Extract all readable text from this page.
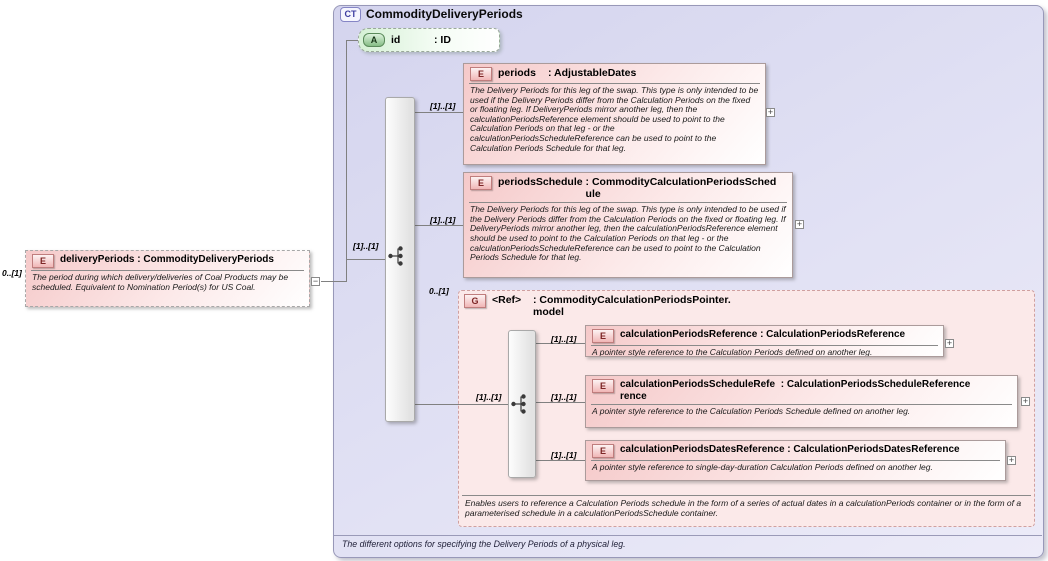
CT CommodityDeliveryPeriods
The different options for specifying the Delivery Periods of a physical leg.
G	<Ref>	: CommodityCalculationPeriodsPointer.model
Enables users to reference a Calculation Periods schedule in the form of a series of actual dates in a calculationPeriods container or in the form of a parameterised schedule in a calculationPeriodsSchedule container.
A	id	: ID
E	deliveryPeriods
: CommodityDeliveryPeriods
The period during which delivery/deliveries of Coal Products may be scheduled. Equivalent to Nomination Period(s) for US Coal.
0..[1]
−
[1]..[1]
[1]..[1]
[1]..[1]
0..[1]
[1]..[1]
[1]..[1]
[1]..[1]
[1]..[1]
E	periods	: AdjustableDates
The Delivery Periods for this leg of the swap. This type is only intended to be used if the Delivery Periods differ from the Calculation Periods on the fixed or floating leg. If DeliveryPeriods mirror another leg, then the calculationPeriodsReference element should be used to point to the Calculation Periods on that leg - or the calculationPeriodsScheduleReference can be used to point to the Calculation Periods Schedule for that leg.
+
E	periodsSchedule
: CommodityCalculationPeriodsSchedule
The Delivery Periods for this leg of the swap. This type is only intended to be used if the Delivery Periods differ from the Calculation Periods on the fixed or floating leg. If DeliveryPeriods mirror another leg, then the calculationPeriodsReference element should be used to point to the Calculation Periods on that leg - or the calculationPeriodsScheduleReference can be used to point to the Calculation Periods Schedule for that leg.
+
E	calculationPeriodsReference
: CalculationPeriodsReference
A pointer style reference to the Calculation Periods defined on another leg.
+
E	calculationPeriodsScheduleReference

: CalculationPeriodsScheduleReference
A pointer style reference to the Calculation Periods Schedule defined on another leg.
+
E	calculationPeriodsDatesReference
: CalculationPeriodsDatesReference
A pointer style reference to single-day-duration Calculation Periods defined on another leg.
+
